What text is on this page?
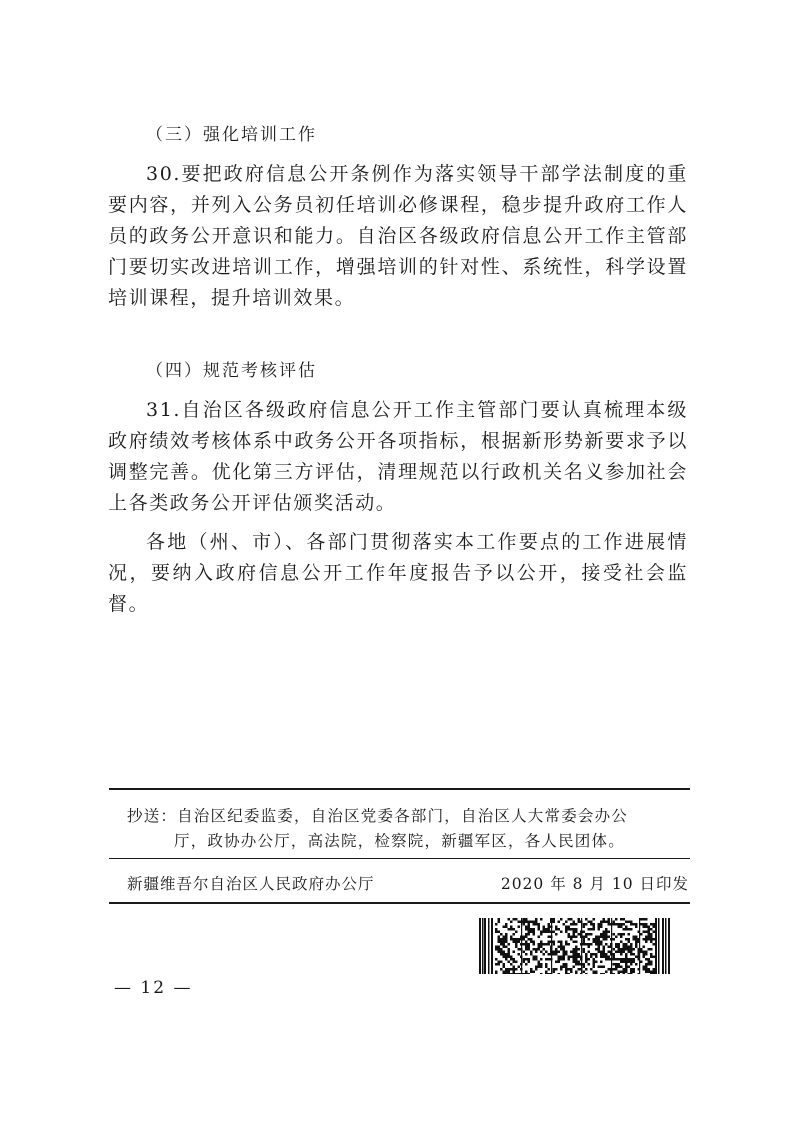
（三）强化培训工作

30.要把政府信息公开条例作为落实领导干部学法制度的重要内容，并列入公务员初任培训必修课程，稳步提升政府工作人员的政务公开意识和能力。自治区各级政府信息公开工作主管部门要切实改进培训工作，增强培训的针对性、系统性，科学设置培训课程，提升培训效果。

（四）规范考核评估

31.自治区各级政府信息公开工作主管部门要认真梳理本级政府绩效考核体系中政务公开各项指标，根据新形势新要求予以调整完善。优化第三方评估，清理规范以行政机关名义参加社会上各类政务公开评估颁奖活动。

各地（州、市）、各部门贯彻落实本工作要点的工作进展情况，要纳入政府信息公开工作年度报告予以公开，接受社会监督。

抄送：自治区纪委监委，自治区党委各部门，自治区人大常委会办公
厅，政协办公厅，高法院，检察院，新疆军区，各人民团体。
新疆维吾尔自治区人民政府办公厅	2020 年 8 月 10 日印发
— 12 —
